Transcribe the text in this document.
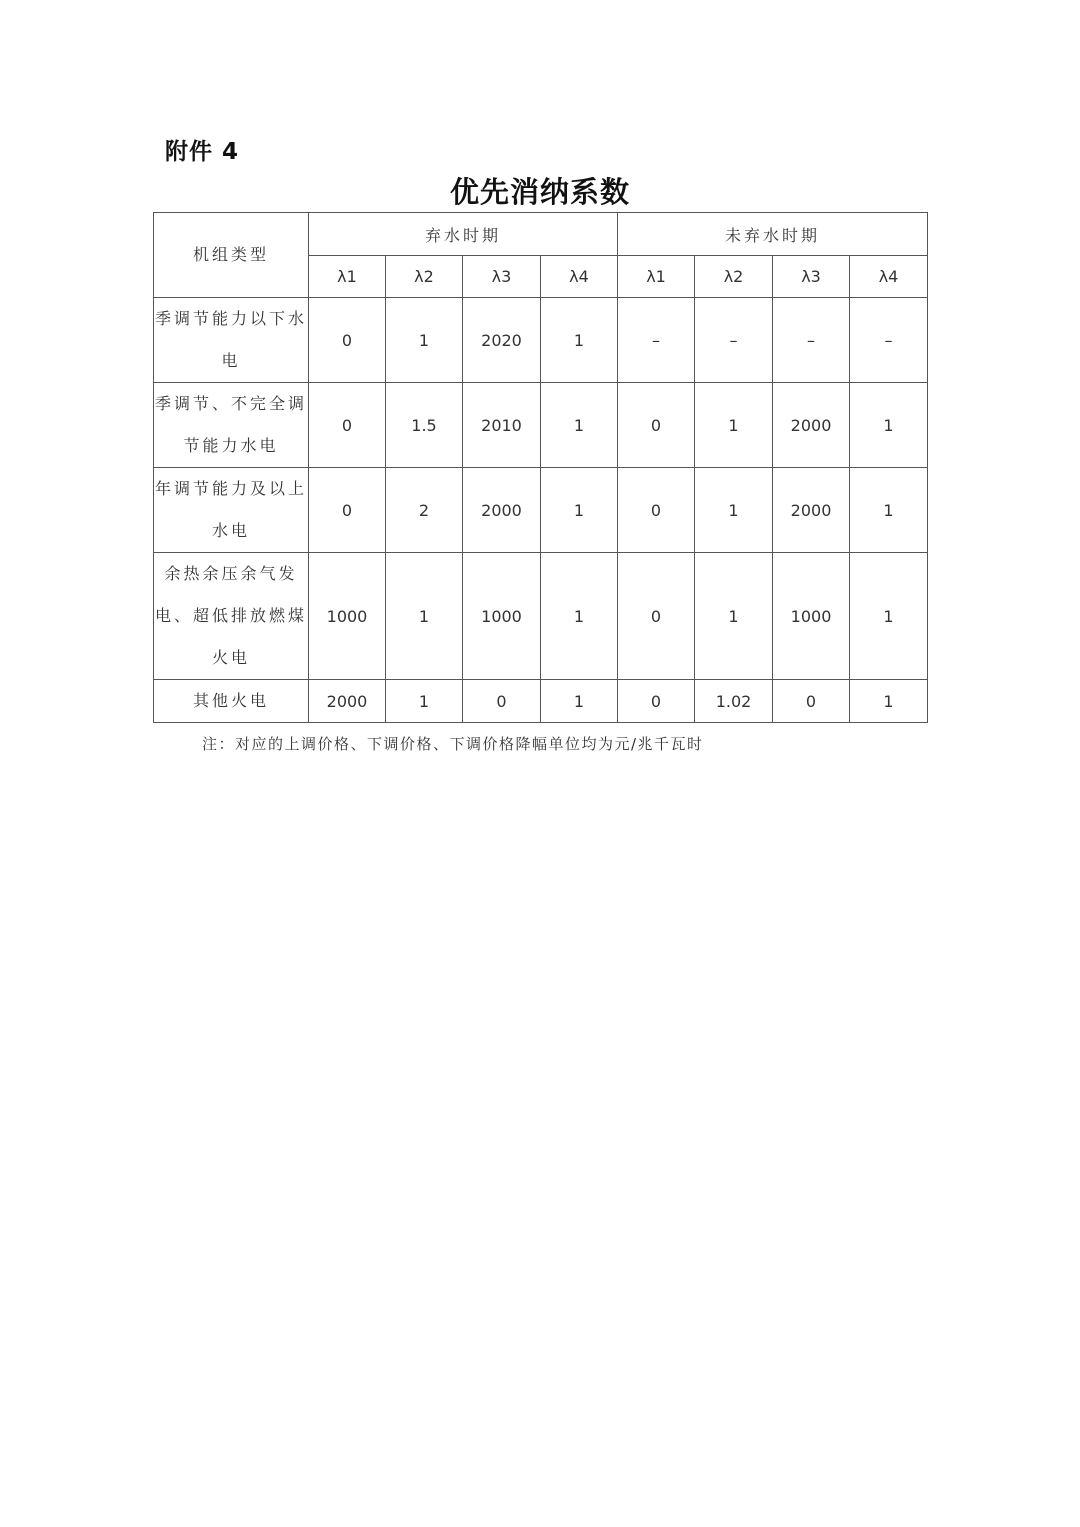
附件 4
优先消纳系数
机组类型	弃水时期				未弃水时期			
	λ1	λ2	λ3	λ4	λ1	λ2	λ3	λ4
季调节能力以下水电	0	1	2020	1	–	–	–	–
季调节、不完全调节能力水电	0	1.5	2010	1	0	1	2000	1
年调节能力及以上水电	0	2	2000	1	0	1	2000	1
余热余压余气发电、超低排放燃煤火电	1000	1	1000	1	0	1	1000	1
其他火电	2000	1	0	1	0	1.02	0	1
注：对应的上调价格、下调价格、下调价格降幅单位均为元/兆千瓦时
